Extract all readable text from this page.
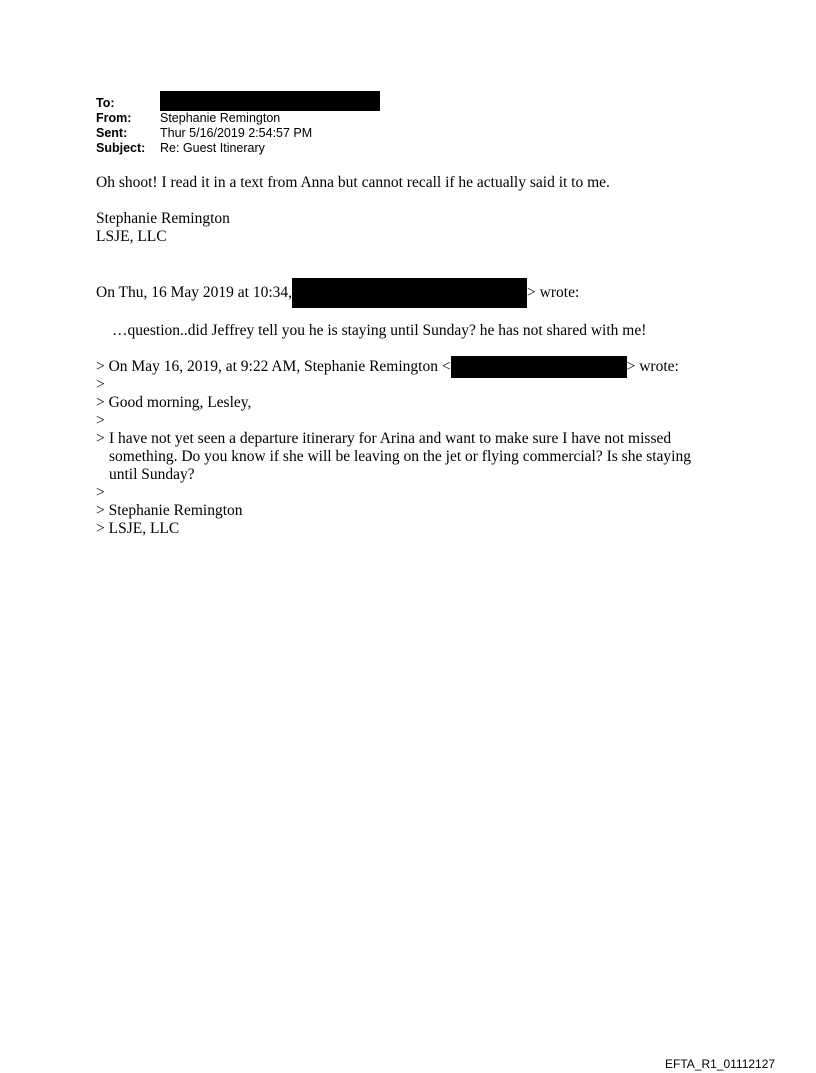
To:
From:	Stephanie Remington
Sent:	Thur 5/16/2019 2:54:57 PM
Subject:	Re: Guest Itinerary

Oh shoot! I read it in a text from Anna but cannot recall if he actually said it to me.

Stephanie Remington

LSJE, LLC

On Thu, 16 May 2019 at 10:34,	> wrote:

…question..did Jeffrey tell you he is staying until Sunday? he has not shared with me!

> On May 16, 2019, at 9:22 AM, Stephanie Remington <	> wrote:
>
> Good morning, Lesley,
>
> I have not yet seen a departure itinerary for Arina and want to make sure I have not missed something. Do you know if she will be leaving on the jet or flying commercial? Is she staying until Sunday?
>
> Stephanie Remington
> LSJE, LLC
EFTA_R1_01112127
